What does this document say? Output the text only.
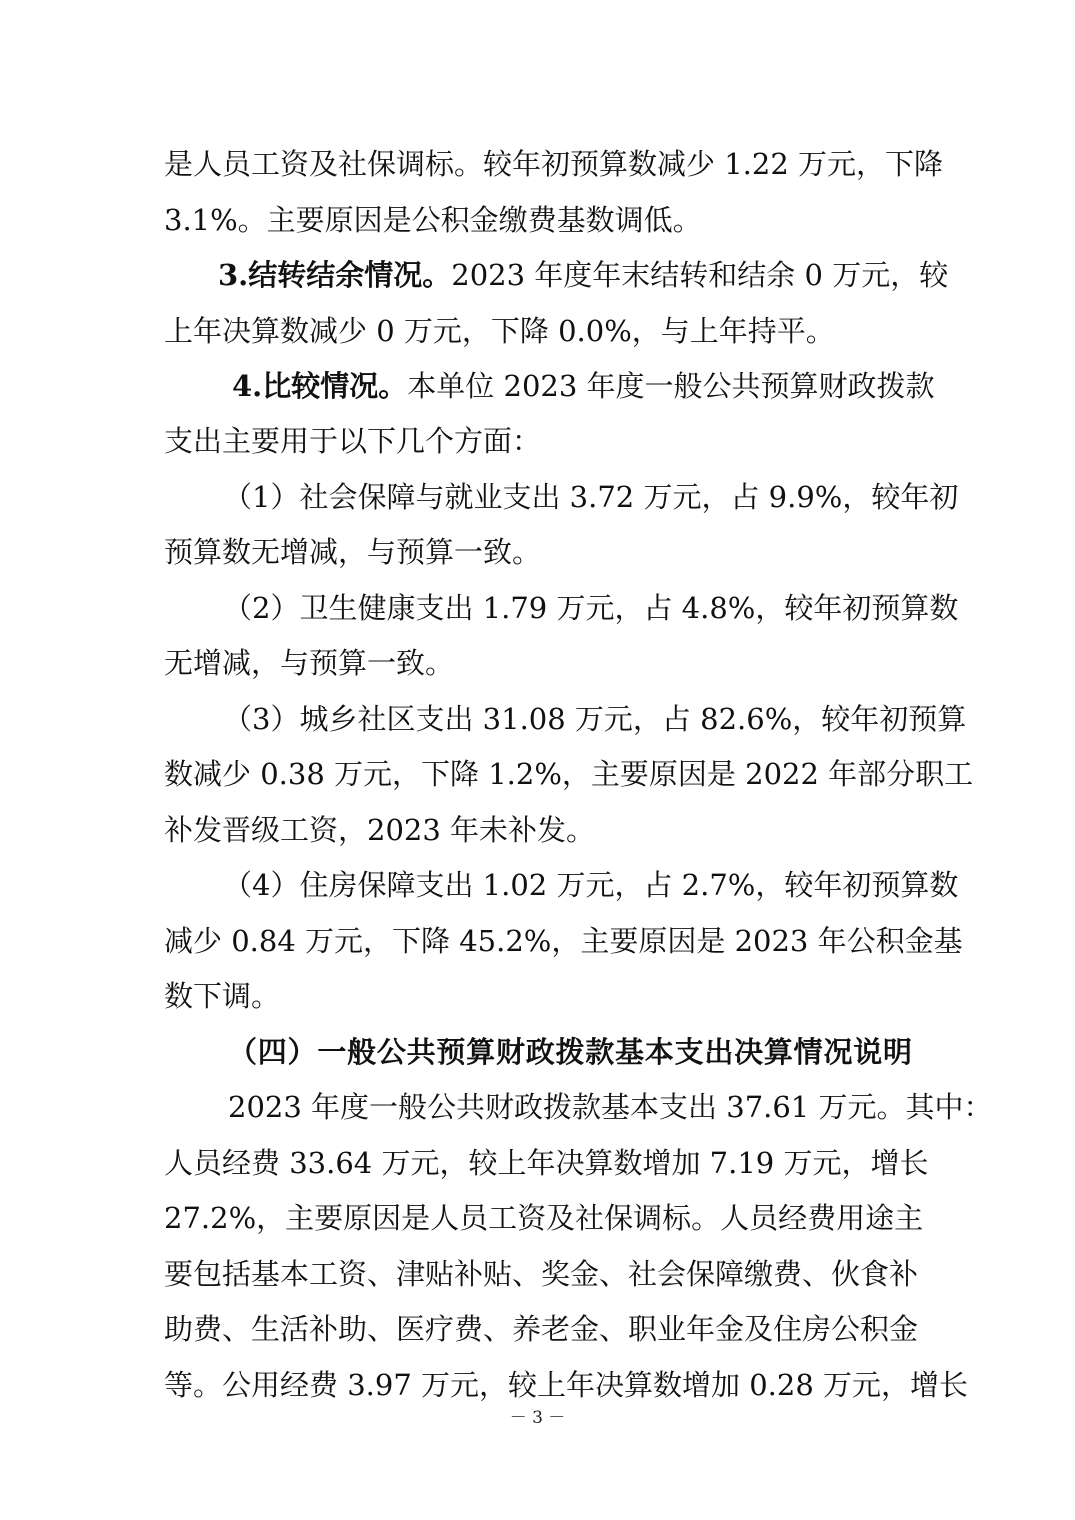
是人员工资及社保调标。较年初预算数减少 1.22 万元，下降
3.1%。主要原因是公积金缴费基数调低。
3.结转结余情况。2023 年度年末结转和结余 0 万元，较
上年决算数减少 0 万元，下降 0.0%，与上年持平。
4.比较情况。本单位 2023 年度一般公共预算财政拨款
支出主要用于以下几个方面：
（1）社会保障与就业支出 3.72 万元，占 9.9%，较年初
预算数无增减，与预算一致。
（2）卫生健康支出 1.79 万元，占 4.8%，较年初预算数
无增减，与预算一致。
（3）城乡社区支出 31.08 万元，占 82.6%，较年初预算
数减少 0.38 万元，下降 1.2%，主要原因是 2022 年部分职工
补发晋级工资，2023 年未补发。
（4）住房保障支出 1.02 万元，占 2.7%，较年初预算数
减少 0.84 万元，下降 45.2%，主要原因是 2023 年公积金基
数下调。
（四）一般公共预算财政拨款基本支出决算情况说明
2023 年度一般公共财政拨款基本支出 37.61 万元。其中：
人员经费 33.64 万元，较上年决算数增加 7.19 万元，增长
27.2%，主要原因是人员工资及社保调标。人员经费用途主
要包括基本工资、津贴补贴、奖金、社会保障缴费、伙食补
助费、生活补助、医疗费、养老金、职业年金及住房公积金
等。公用经费 3.97 万元，较上年决算数增加 0.28 万元，增长
－ 3 －
